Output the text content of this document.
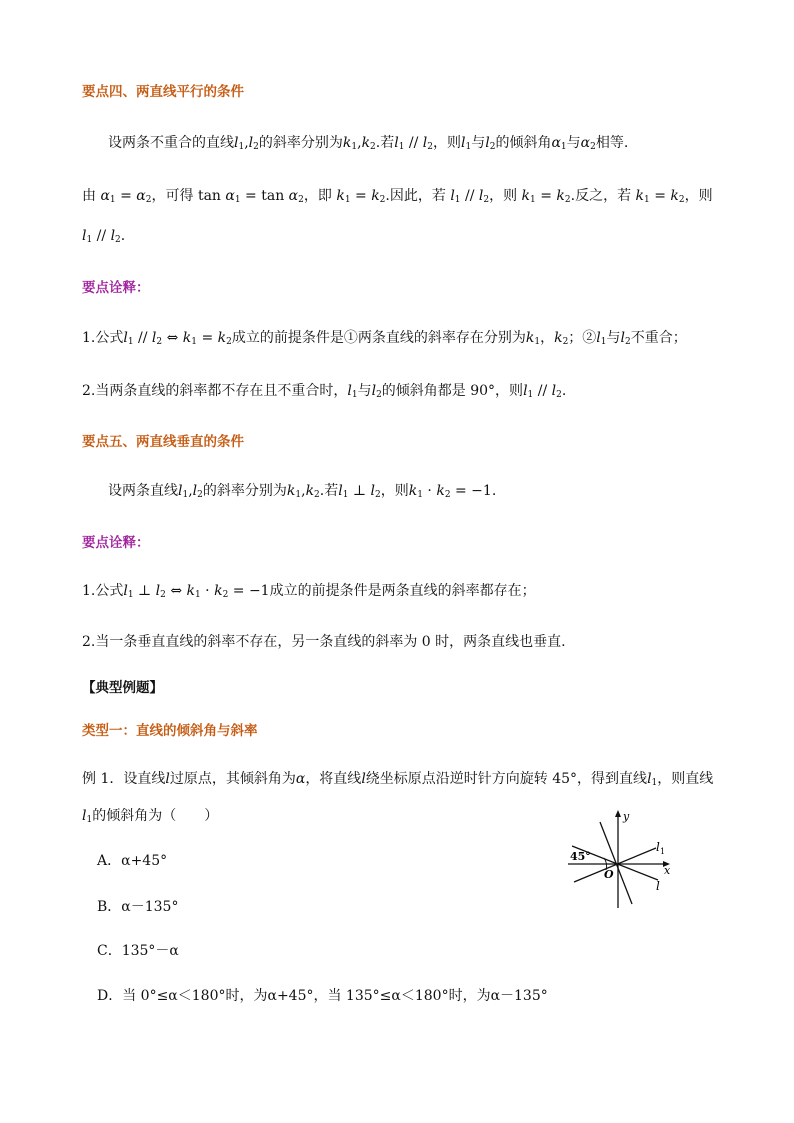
要点四、两直线平行的条件
设两条不重合的直线l1,l2的斜率分别为k1,k2.若l1 // l2，则l1与l2的倾斜角α1与α2相等.
由 α1 = α2，可得 tan α1 = tan α2，即 k1 = k2.因此，若 l1 // l2，则 k1 = k2.反之，若 k1 = k2，则
l1 // l2.
要点诠释：
1.公式l1 // l2 ⇔ k1 = k2成立的前提条件是①两条直线的斜率存在分别为k1，k2；②l1与l2不重合；
2.当两条直线的斜率都不存在且不重合时，l1与l2的倾斜角都是 90°，则l1 // l2.
要点五、两直线垂直的条件
设两条直线l1,l2的斜率分别为k1,k2.若l1 ⊥ l2，则k1 · k2 = −1.
要点诠释：
1.公式l1 ⊥ l2 ⇔ k1 · k2 = −1成立的前提条件是两条直线的斜率都存在；
2.当一条垂直直线的斜率不存在，另一条直线的斜率为 0 时，两条直线也垂直.
【典型例题】
类型一：直线的倾斜角与斜率
例 1．设直线l过原点，其倾斜角为α，将直线l绕坐标原点沿逆时针方向旋转 45°，得到直线l1，则直线
l1的倾斜角为（　　）
A．α+45°
B．α－135°
C．135°－α
D．当 0°≤α＜180°时，为α+45°，当 135°≤α＜180°时，为α－135°
45°
y
x
l 1
l
O
